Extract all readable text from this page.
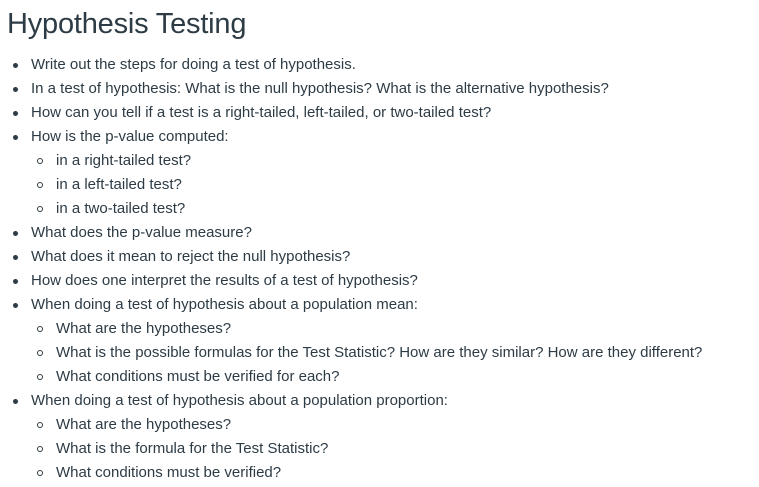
Hypothesis Testing
Write out the steps for doing a test of hypothesis.
In a test of hypothesis: What is the null hypothesis? What is the alternative hypothesis?
How can you tell if a test is a right-tailed, left-tailed, or two-tailed test?
How is the p-value computed:
in a right-tailed test?
in a left-tailed test?
in a two-tailed test?
What does the p-value measure?
What does it mean to reject the null hypothesis?
How does one interpret the results of a test of hypothesis?
When doing a test of hypothesis about a population mean:
What are the hypotheses?
What is the possible formulas for the Test Statistic? How are they similar? How are they different?
What conditions must be verified for each?
When doing a test of hypothesis about a population proportion:
What are the hypotheses?
What is the formula for the Test Statistic?
What conditions must be verified?
